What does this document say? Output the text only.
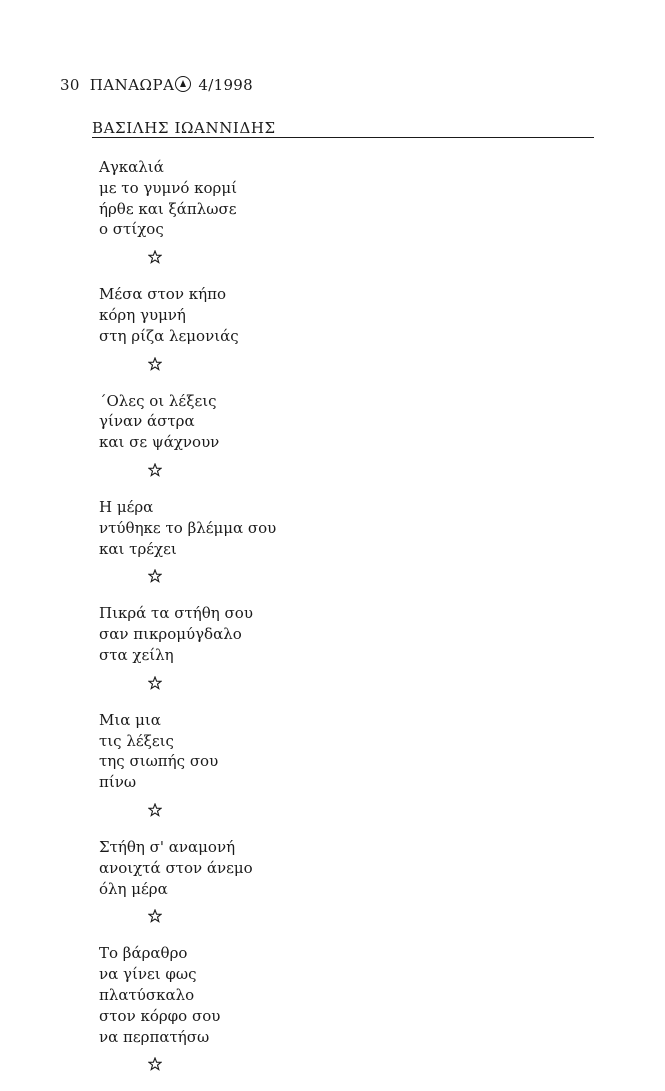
30 ΠΑΝΑΩΡΑ 4/1998
ΒΑΣΙΛΗΣ ΙΩΑΝΝΙΔΗΣ
Αγκαλιά
με το γυμνό κορμί
ήρθε και ξάπλωσε
ο στίχος
Μέσα στον κήπο
κόρη γυμνή
στη ρίζα λεμονιάς
΄Ολες οι λέξεις
γίναν άστρα
και σε ψάχνουν
Η μέρα
ντύθηκε το βλέμμα σου
και τρέχει
Πικρά τα στήθη σου
σαν πικρομύγδαλο
στα χείλη
Μια μια
τις λέξεις
της σιωπής σου
πίνω
Στήθη σ' αναμονή
ανοιχτά στον άνεμο
όλη μέρα
Το βάραθρο
να γίνει φως
πλατύσκαλο
στον κόρφο σου
να περπατήσω
